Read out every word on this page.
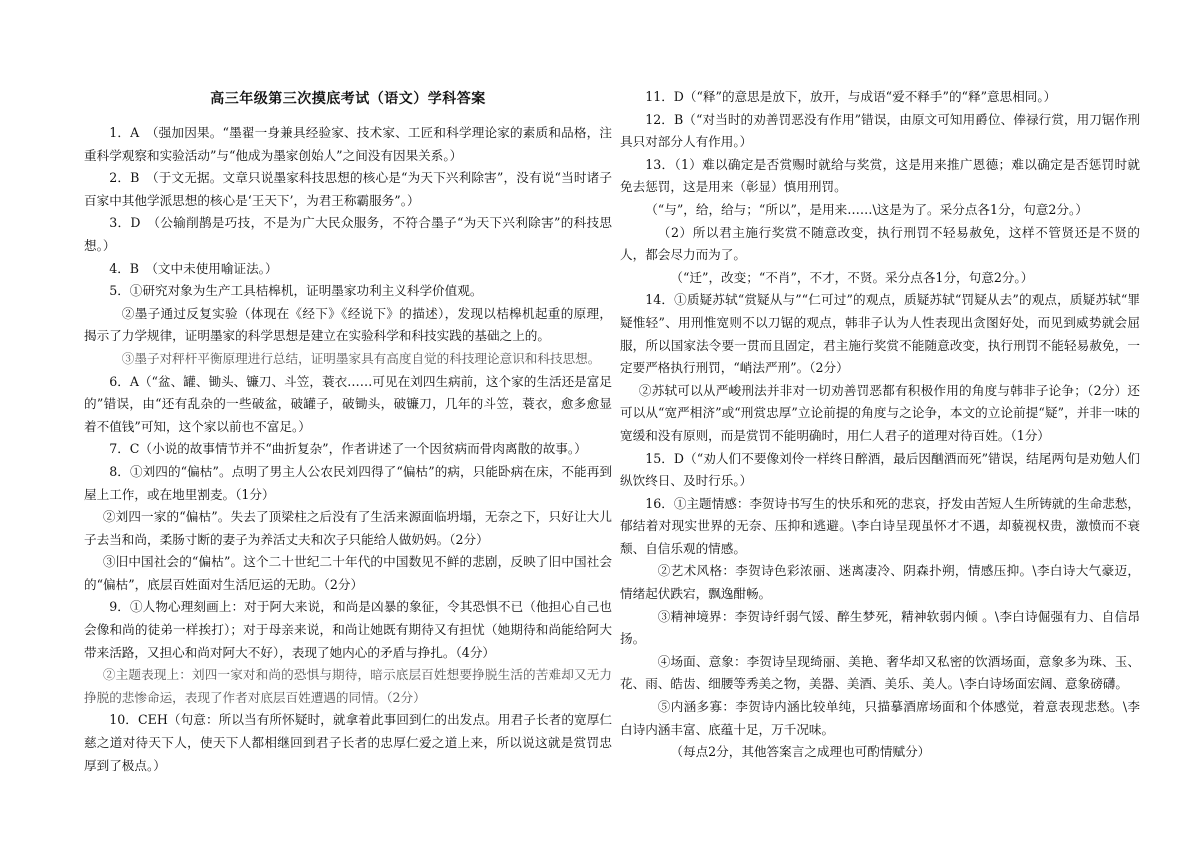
高三年级第三次摸底考试（语文）学科答案

1．A　（强加因果。“墨翟一身兼具经验家、技术家、工匠和科学理论家的素质和品格，注重科学观察和实验活动”与“他成为墨家创始人”之间没有因果关系。）

2．B　（于文无据。文章只说墨家科技思想的核心是“为天下兴利除害”，没有说“当时诸子百家中其他学派思想的核心是‘王天下’，为君王称霸服务”。）

3．D　（公输削鹊是巧技，不是为广大民众服务，不符合墨子“为天下兴利除害”的科技思想。）

4．B　（文中未使用喻证法。）

5．①研究对象为生产工具桔槔机，证明墨家功利主义科学价值观。

②墨子通过反复实验（体现在《经下》《经说下》的描述），发现以桔槔机起重的原理，揭示了力学规律，证明墨家的科学思想是建立在实验科学和科技实践的基础之上的。

③墨子对秤杆平衡原理进行总结，证明墨家具有高度自觉的科技理论意识和科技思想。

6．A（“盆、罐、锄头、镰刀、斗笠，蓑衣……可见在刘四生病前，这个家的生活还是富足的”错误，由“还有乱杂的一些破盆，破罐子，破锄头，破镰刀，几年的斗笠，蓑衣，愈多愈显着不值钱”可知，这个家以前也不富足。）

7．C（小说的故事情节并不“曲折复杂”，作者讲述了一个因贫病而骨肉离散的故事。）

8．①刘四的“偏枯”。点明了男主人公农民刘四得了“偏枯”的病，只能卧病在床，不能再到屋上工作，或在地里割麦。（1分）

②刘四一家的“偏枯”。失去了顶梁柱之后没有了生活来源面临坍塌，无奈之下，只好让大儿子去当和尚，柔肠寸断的妻子为养活丈夫和次子只能给人做奶妈。（2分）

③旧中国社会的“偏枯”。这个二十世纪二十年代的中国数见不鲜的悲剧，反映了旧中国社会的“偏枯”，底层百姓面对生活厄运的无助。（2分）

9．①人物心理刻画上：对于阿大来说，和尚是凶暴的象征，令其恐惧不已（他担心自己也会像和尚的徒弟一样挨打）；对于母亲来说，和尚让她既有期待又有担忧（她期待和尚能给阿大带来活路，又担心和尚对阿大不好），表现了她内心的矛盾与挣扎。（4分）

②主题表现上：刘四一家对和尚的恐惧与期待，暗示底层百姓想要挣脱生活的苦难却又无力挣脱的悲惨命运，表现了作者对底层百姓遭遇的同情。（2分）

10．CEH（句意：所以当有所怀疑时，就拿着此事回到仁的出发点。用君子长者的宽厚仁慈之道对待天下人，使天下人都相继回到君子长者的忠厚仁爱之道上来，所以说这就是赏罚忠厚到了极点。）

11．D（“释”的意思是放下，放开，与成语“爱不释手”的“释”意思相同。）

12．B（“对当时的劝善罚恶没有作用”错误，由原文可知用爵位、俸禄行赏，用刀锯作刑具只对部分人有作用。）

13．（1）难以确定是否赏赐时就给与奖赏，这是用来推广恩德；难以确定是否惩罚时就免去惩罚，这是用来（彰显）慎用刑罚。

（“与”，给，给与；“所以”，是用来……\这是为了。采分点各1分，句意2分。）

（2）所以君主施行奖赏不随意改变，执行刑罚不轻易赦免，这样不管贤还是不贤的人，都会尽力而为了。

（“迁”，改变；“不肖”，不才，不贤。采分点各1分，句意2分。）

14．①质疑苏轼“赏疑从与”“仁可过”的观点，质疑苏轼“罚疑从去”的观点，质疑苏轼“罪疑惟轻”、用刑惟宽则不以刀锯的观点，韩非子认为人性表现出贪图好处，而见到威势就会屈服，所以国家法令要一贯而且固定，君主施行奖赏不能随意改变，执行刑罚不能轻易赦免，一定要严格执行刑罚，“峭法严刑”。（2分）

②苏轼可以从严峻刑法并非对一切劝善罚恶都有积极作用的角度与韩非子论争；（2分）还可以从“宽严相济”或“刑赏忠厚”立论前提的角度与之论争，本文的立论前提“疑”，并非一味的宽缓和没有原则，而是赏罚不能明确时，用仁人君子的道理对待百姓。（1分）

15．D（“劝人们不要像刘伶一样终日醉酒，最后因酗酒而死”错误，结尾两句是劝勉人们纵饮终日、及时行乐。）

16．①主题情感：李贺诗书写生的快乐和死的悲哀，抒发由苦短人生所铸就的生命悲愁，郁结着对现实世界的无奈、压抑和逃避。\李白诗呈现虽怀才不遇，却藐视权贵，激愤而不衰颓、自信乐观的情感。

②艺术风格：李贺诗色彩浓丽、迷离凄冷、阴森扑朔，情感压抑。\李白诗大气豪迈，情绪起伏跌宕，飘逸酣畅。

③精神境界：李贺诗纤弱气馁、醉生梦死，精神软弱内倾 。\李白诗倔强有力、自信昂扬。

④场面、意象：李贺诗呈现绮丽、美艳、奢华却又私密的饮酒场面，意象多为珠、玉、花、雨、皓齿、细腰等秀美之物，美器、美酒、美乐、美人。\李白诗场面宏阔、意象磅礴。

⑤内涵多寡：李贺诗内涵比较单纯，只描摹酒席场面和个体感觉，着意表现悲愁。\李白诗内涵丰富、底蕴十足，万千况味。

（每点2分，其他答案言之成理也可酌情赋分）
